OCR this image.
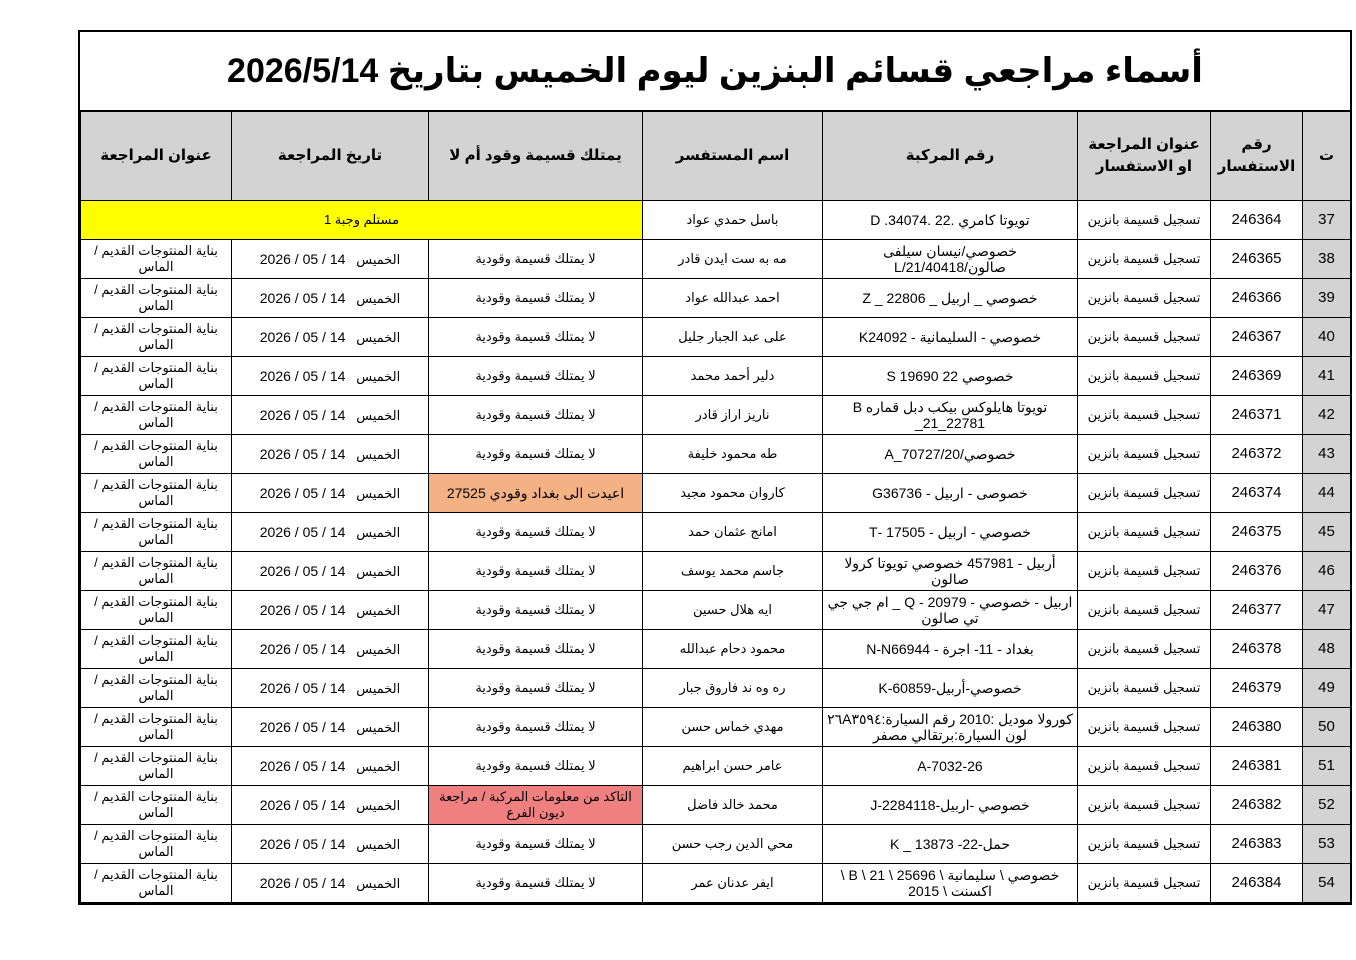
أسماء مراجعي قسائم البنزين ليوم الخميس بتاريخ 2026/5/14
ت	رقم الاستفسار	عنوان المراجعة او الاستفسار	رقم المركبة	اسم المستفسر	يمتلك قسيمة وقود أم لا	تاريخ المراجعة	عنوان المراجعة
37	246364	تسجيل قسيمة بانزين	تويوتا كامري .22 .D .34074	باسل حمدي عواد	مستلم وجبة 1		
38	246365	تسجيل قسيمة بانزين	خصوصي/نيسان سيلفى صالون/40418/L/21	مه به ست ايدن قادر	لا يمتلك قسيمة وقودية	الخميس   2026 / 05 / 14	بناية المنتوجات القديم / الماس
39	246366	تسجيل قسيمة بانزين	خصوصي _ اربيل _ 22806 _ Z	احمد عبدالله عواد	لا يمتلك قسيمة وقودية	الخميس   2026 / 05 / 14	بناية المنتوجات القديم / الماس
40	246367	تسجيل قسيمة بانزين	خصوصي - السليمانية - K24092	على عبد الجبار جليل	لا يمتلك قسيمة وقودية	الخميس   2026 / 05 / 14	بناية المنتوجات القديم / الماس
41	246369	تسجيل قسيمة بانزين	خصوصي 22 S 19690	دلير أحمد محمد	لا يمتلك قسيمة وقودية	الخميس   2026 / 05 / 14	بناية المنتوجات القديم / الماس
42	246371	تسجيل قسيمة بانزين	تويوتا هايلوكس بيكب دبل قماره B _21_22781	ناريز اراز قادر	لا يمتلك قسيمة وقودية	الخميس   2026 / 05 / 14	بناية المنتوجات القديم / الماس
43	246372	تسجيل قسيمة بانزين	خصوصي/A_70727/20	طه محمود خليفة	لا يمتلك قسيمة وقودية	الخميس   2026 / 05 / 14	بناية المنتوجات القديم / الماس
44	246374	تسجيل قسيمة بانزين	خصوصى - اربيل - G36736	كاروان محمود مجيد	اعيدت الى بغداد وقودي 27525	الخميس   2026 / 05 / 14	بناية المنتوجات القديم / الماس
45	246375	تسجيل قسيمة بانزين	خصوصي - اربيل - 17505 -T	امانج عثمان حمد	لا يمتلك قسيمة وقودية	الخميس   2026 / 05 / 14	بناية المنتوجات القديم / الماس
46	246376	تسجيل قسيمة بانزين	أربيل - 457981 خصوصي تويوتا كرولا صالون	جاسم محمد يوسف	لا يمتلك قسيمة وقودية	الخميس   2026 / 05 / 14	بناية المنتوجات القديم / الماس
47	246377	تسجيل قسيمة بانزين	اربيل - خصوصي - 20979 - Q _ ام جي جي تي صالون	ايه هلال حسين	لا يمتلك قسيمة وقودية	الخميس   2026 / 05 / 14	بناية المنتوجات القديم / الماس
48	246378	تسجيل قسيمة بانزين	بغداد - 11- اجرة - N-N66944	محمود دحام عبدالله	لا يمتلك قسيمة وقودية	الخميس   2026 / 05 / 14	بناية المنتوجات القديم / الماس
49	246379	تسجيل قسيمة بانزين	خصوصي-أربيل-K-60859	ره وه ند فاروق جبار	لا يمتلك قسيمة وقودية	الخميس   2026 / 05 / 14	بناية المنتوجات القديم / الماس
50	246380	تسجيل قسيمة بانزين	كورولا موديل :2010 رقم السيارة:٢٦A٣٥٩٤ لون السيارة:برتقالي مصفر	مهدي خماس حسن	لا يمتلك قسيمة وقودية	الخميس   2026 / 05 / 14	بناية المنتوجات القديم / الماس
51	246381	تسجيل قسيمة بانزين	26-A-7032	عامر حسن ابراهيم	لا يمتلك قسيمة وقودية	الخميس   2026 / 05 / 14	بناية المنتوجات القديم / الماس
52	246382	تسجيل قسيمة بانزين	خصوصي -اربيل-2284118-J	محمد خالد فاضل	التاكد من معلومات المركبة / مراجعة ديون الفرع	الخميس   2026 / 05 / 14	بناية المنتوجات القديم / الماس
53	246383	تسجيل قسيمة بانزين	حمل-22- 13873 _ K	محي الدين رجب حسن	لا يمتلك قسيمة وقودية	الخميس   2026 / 05 / 14	بناية المنتوجات القديم / الماس
54	246384	تسجيل قسيمة بانزين	خصوصي \ سليمانية \ 25696 \ 21 \ B \ اكسنت \ 2015	ايفر عدنان عمر	لا يمتلك قسيمة وقودية	الخميس   2026 / 05 / 14	بناية المنتوجات القديم / الماس
